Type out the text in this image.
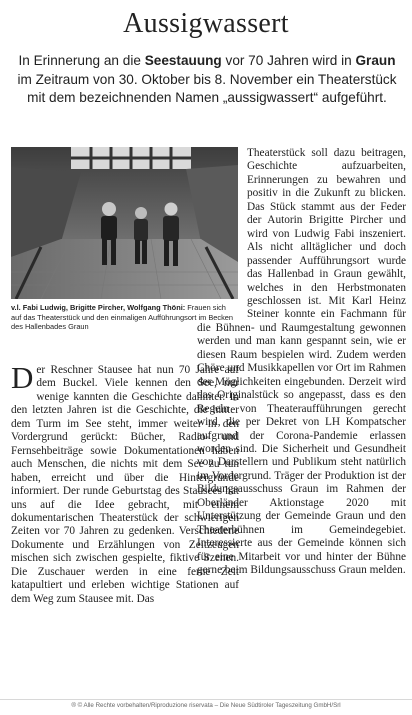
Aussigwassert
In Erinnerung an die Seestauung vor 70 Jahren wird in Graun im Zeitraum von 30. Oktober bis 8. November ein Theaterstück mit dem bezeichnenden Namen „aussigwassert“ aufgeführt.
v.l. Fabi Ludwig, Brigitte Pircher, Wolfgang Thöni: Frauen sich auf das Theaterstück und den einmaligen Aufführungsort im Becken des Hallenbades Graun
Der Reschner Stausee hat nun 70 Jahre auf dem Buckel. Viele kennen den See, nur wenige kannten die Geschichte dahinter. In den letzten Jahren ist die Geschichte, die hinter dem Turm im See steht, immer weiter in den Vordergrund gerückt: Bücher, Radio- und Fernsehbeiträge sowie Dokumentationen haben auch Menschen, die nichts mit dem See zu tun haben, erreicht und über die Hintergründe informiert. Der runde Geburtstag des Stausees hat uns auf die Idee gebracht, mit einem dokumentarischen Theaterstück der schwierigen Zeiten vor 70 Jahren zu gedenken. Verschiedene Dokumente und Erzählungen von Zeitzeugen mischen sich zwischen gespielte, fiktive Szenen. Die Zuschauer werden in eine ferne Zeit katapultiert und erleben wichtige Stationen auf dem Weg zum Stausee mit. Das
Theaterstück soll dazu beitragen, Geschichte aufzuarbeiten, Erinnerungen zu bewahren und positiv in die Zukunft zu blicken. Das Stück stammt aus der Feder der Autorin Brigitte Pircher und wird von Ludwig Fabi inszeniert. Als nicht alltäglicher und doch passender Aufführungsort wurde das Hallenbad in Graun gewählt, welches in den Herbstmonaten geschlossen ist. Mit Karl Heinz Steiner konnte ein Fachmann für die Bühnen- und Raumgestaltung gewonnen werden und man kann gespannt sein, wie er diesen Raum bespielen wird. Zudem werden Chöre und Musikkapellen vor Ort im Rahmen der Möglichkeiten eingebunden. Derzeit wird das Originalstück so angepasst, dass es den Regeln von Theateraufführungen gerecht wird, die per Dekret von LH Kompatscher aufgrund der Corona-Pandemie erlassen worden sind. Die Sicherheit und Gesundheit von Darstellern und Publikum steht natürlich im Vordergrund. Träger der Produktion ist der Bildungsausschuss Graun im Rahmen der Oberländer Aktionstage 2020 mit Unterstützung der Gemeinde Graun und den Theaterbühnen im Gemeindegebiet. Interessierte aus der Gemeinde können sich für eine Mitarbeit vor und hinter der Bühne gerne beim Bildungsausschuss Graun melden.
® © Alle Rechte vorbehalten/Riproduzione riservata – Die Neue Südtiroler Tageszeitung GmbH/Srl
